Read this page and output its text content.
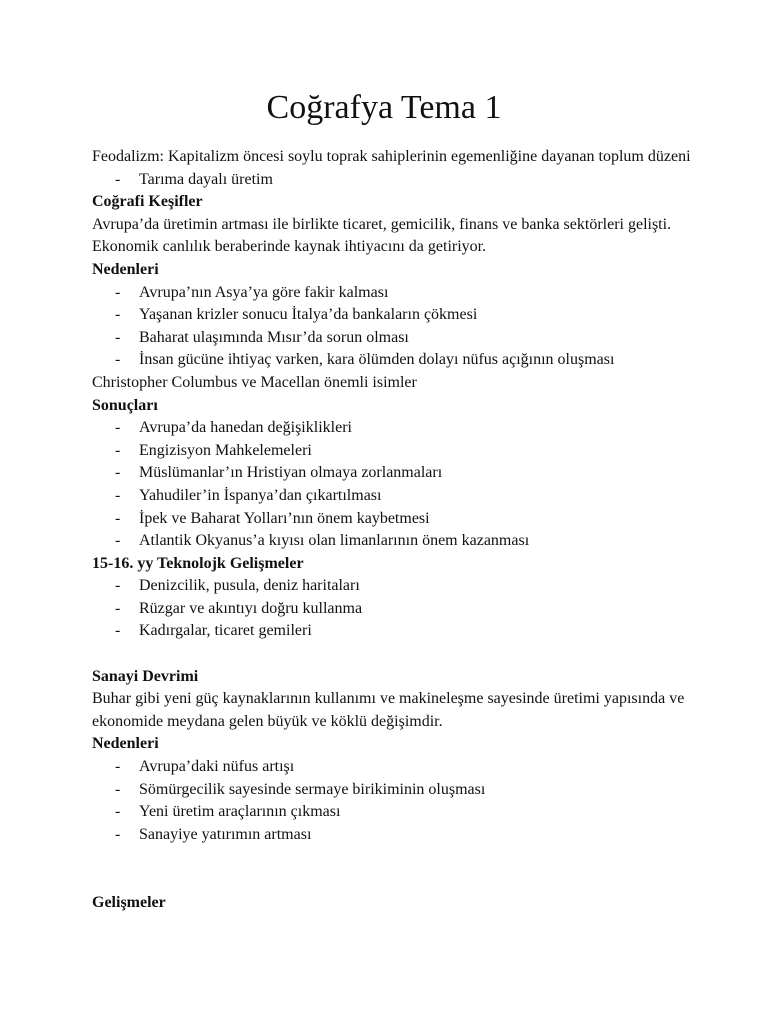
Coğrafya Tema 1

Feodalizm: Kapitalizm öncesi soylu toprak sahiplerinin egemenliğine dayanan toplum düzeni

- Tarıma dayalı üretim

Coğrafi Keşifler

Avrupa’da üretimin artması ile birlikte ticaret, gemicilik, finans ve banka sektörleri gelişti. Ekonomik canlılık beraberinde kaynak ihtiyacını da getiriyor.

Nedenleri

- Avrupa’nın Asya’ya göre fakir kalması
- Yaşanan krizler sonucu İtalya’da bankaların çökmesi
- Baharat ulaşımında Mısır’da sorun olması
- İnsan gücüne ihtiyaç varken, kara ölümden dolayı nüfus açığının oluşması

Christopher Columbus ve Macellan önemli isimler

Sonuçları

- Avrupa’da hanedan değişiklikleri
- Engizisyon Mahkelemeleri
- Müslümanlar’ın Hristiyan olmaya zorlanmaları
- Yahudiler’in İspanya’dan çıkartılması
- İpek ve Baharat Yolları’nın önem kaybetmesi
- Atlantik Okyanus’a kıyısı olan limanlarının önem kazanması

15-16. yy Teknolojk Gelişmeler

- Denizcilik, pusula, deniz haritaları
- Rüzgar ve akıntıyı doğru kullanma
- Kadırgalar, ticaret gemileri

Sanayi Devrimi

Buhar gibi yeni güç kaynaklarının kullanımı ve makineleşme sayesinde üretimi yapısında ve ekonomide meydana gelen büyük ve köklü değişimdir.

Nedenleri

- Avrupa’daki nüfus artışı
- Sömürgecilik sayesinde sermaye birikiminin oluşması
- Yeni üretim araçlarının çıkması
- Sanayiye yatırımın artması

Gelişmeler
